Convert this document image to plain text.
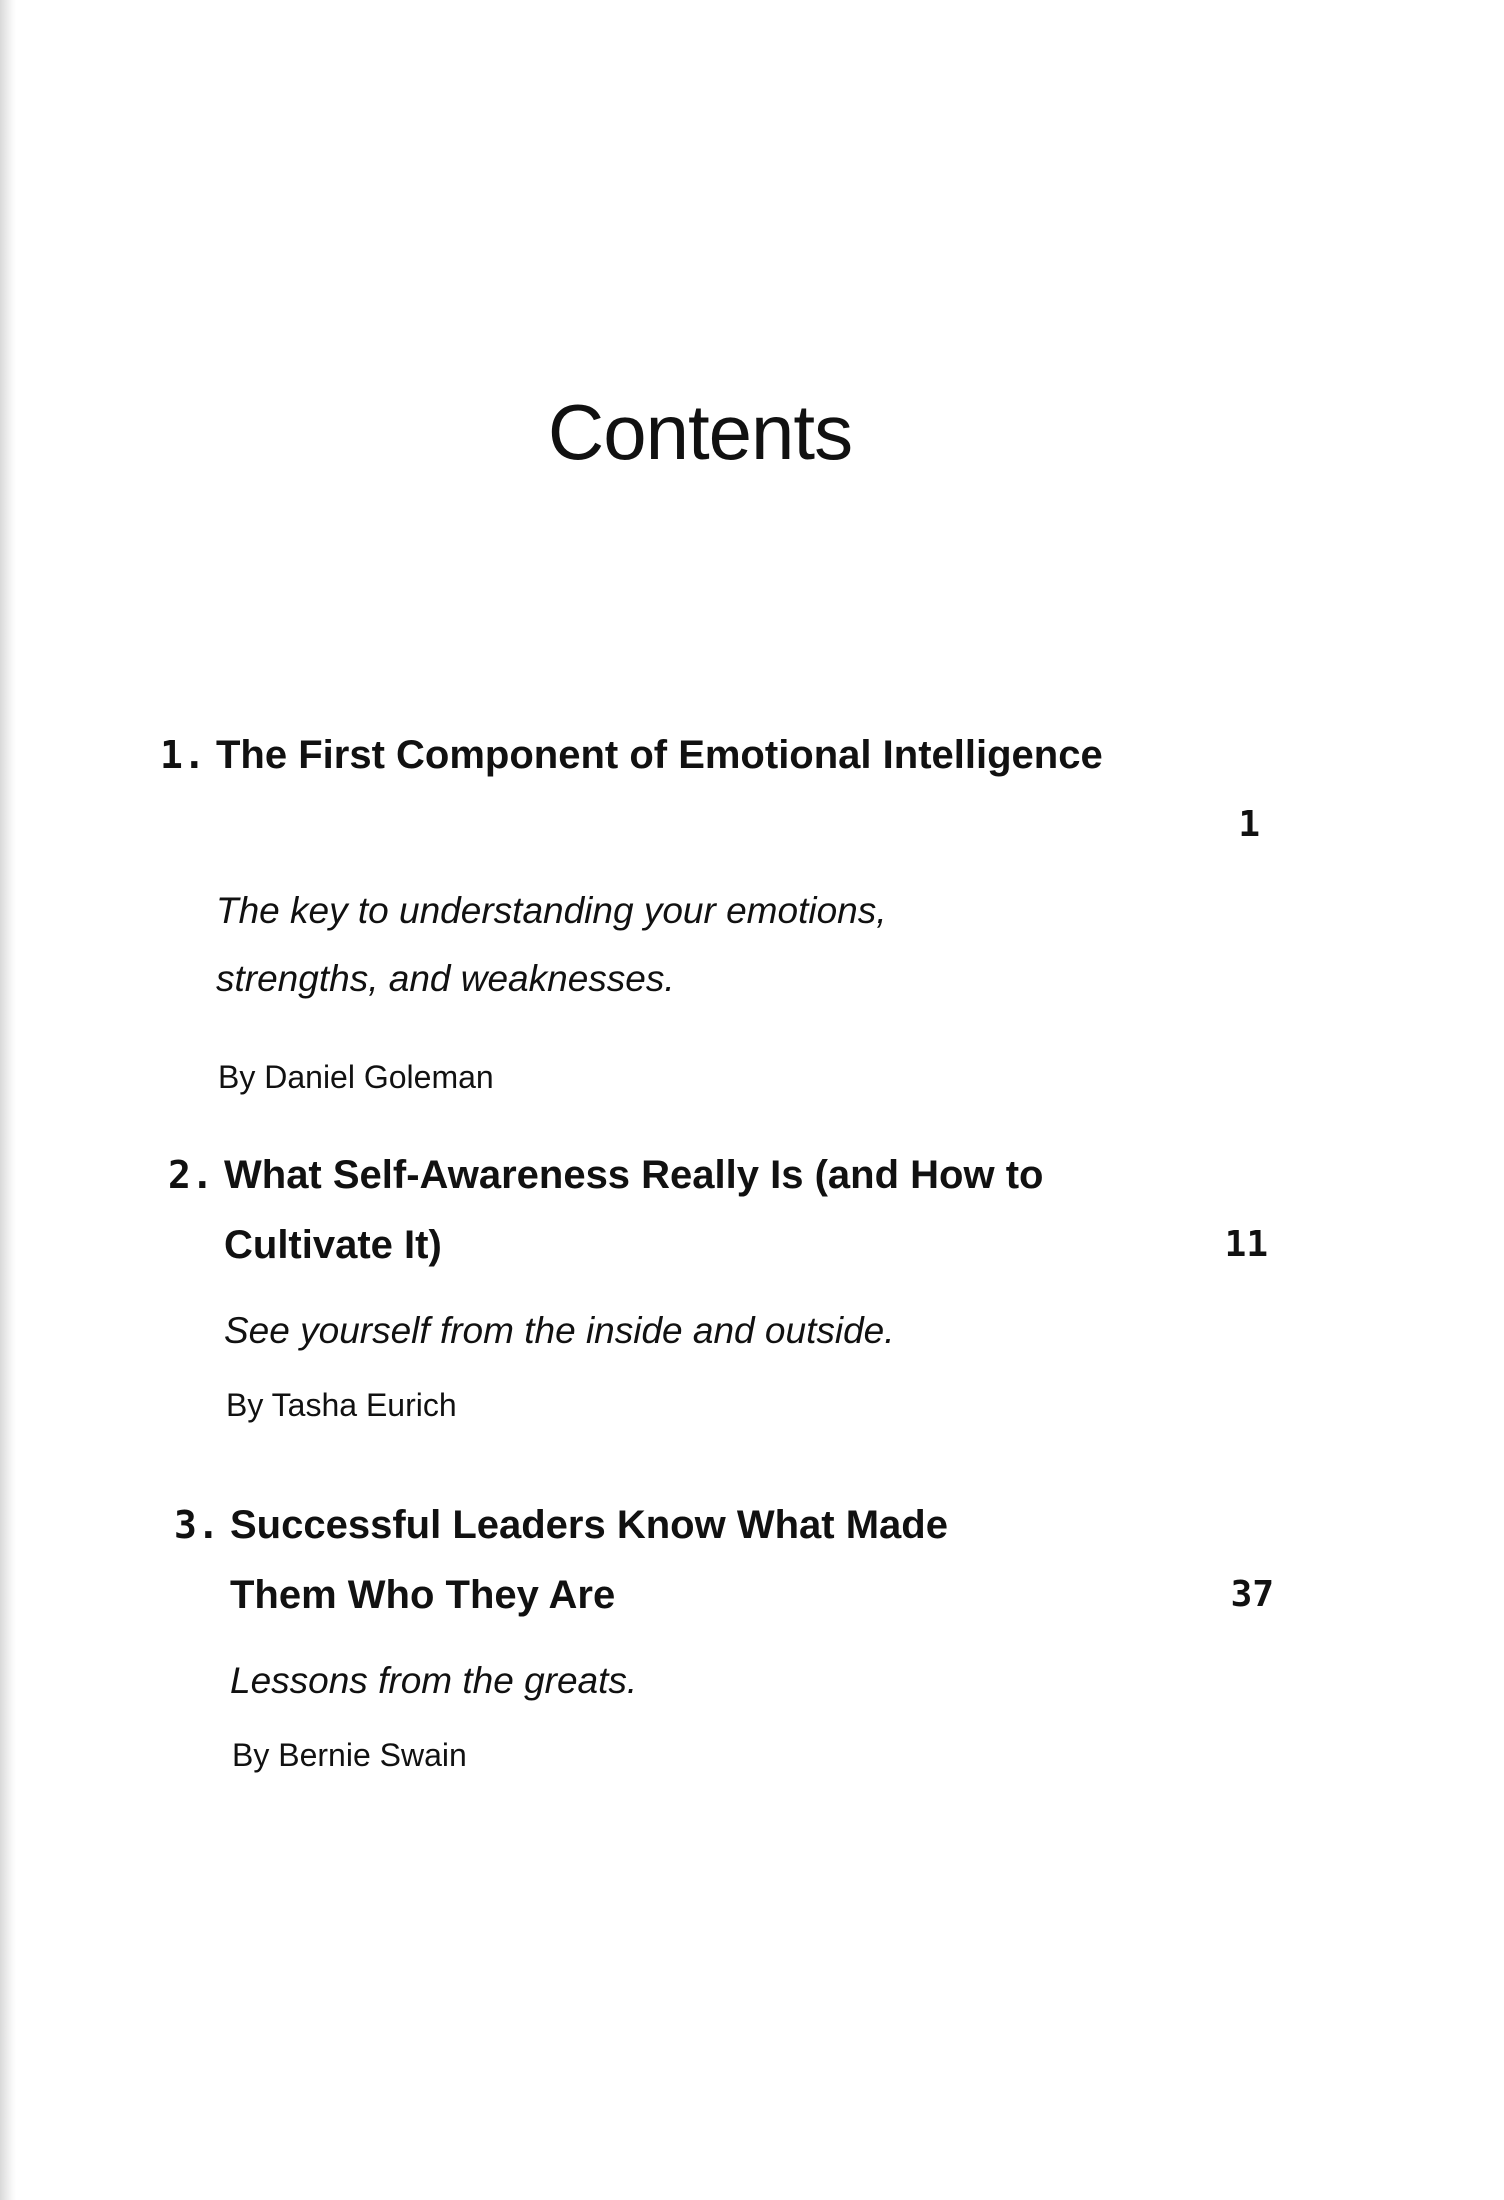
Contents
1. The First Component of Emotional Intelligence
1
The key to understanding your emotions, strengths, and weaknesses.
By Daniel Goleman
2. What Self-Awareness Really Is (and How to Cultivate It)	11
See yourself from the inside and outside.
By Tasha Eurich
3. Successful Leaders Know What Made Them Who They Are	37
Lessons from the greats.
By Bernie Swain
